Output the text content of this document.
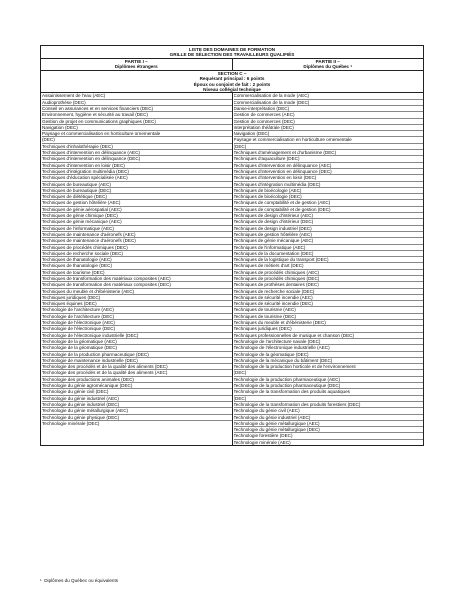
LISTE DES DOMAINES DE FORMATION
GRILLE DE SÉLECTION DES TRAVAILLEURS QUALIFIÉS
PARTIE I –
Diplômes étrangers
PARTIE II –
Diplômes du Québec $^1$
SECTION C –
Requérant principal : 6 points
Époux ou conjoint de fait : 2 points
Niveau collégial technique
Assainissement de l'eau (AEC)
Audioprothèse (DEC)
Conseil en assurances et en services financiers (DEC)
Environnement, hygiène et sécurité au travail (DEC)
Gestion de projet en communications graphiques (DEC)
Navigation (DEC)
Paysage et commercialisation en horticulture ornementale
(DEC)
Techniques d'inhalothérapie (DEC)
Techniques d'intervention en délinquance (AEC)
Techniques d'intervention en délinquance (DEC)
Techniques d'intervention en loisir (DEC)
Techniques d'intégration multimédia (DEC)
Techniques d'éducation spécialisée (AEC)
Techniques de bureautique (AEC)
Techniques de bureautique (DEC)
Techniques de diététique (DEC)
Techniques de gestion hôtelière (AEC)
Techniques de génie aérospatial (AEC)
Techniques de génie chimique (DEC)
Techniques de génie mécanique (AEC)
Techniques de l'informatique (AEC)
Techniques de maintenance d'aéronefs (AEC)
Techniques de maintenance d'aéronefs (DEC)
Techniques de procédés chimiques (DEC)
Techniques de recherche sociale (DEC)
Techniques de thanatologie (AEC)
Techniques de thanatologie (DEC)
Techniques de tourisme (DEC)
Techniques de transformation des matériaux composites (AEC)
Techniques de transformation des matériaux composites (DEC)
Techniques du meuble et d'ébénisterie (AEC)
Techniques juridiques (DEC)
Techniques équines (DEC)
Technologie de l'architecture (AEC)
Technologie de l'architecture (DEC)
Technologie de l'électronique (AEC)
Technologie de l'électronique (DEC)
Technologie de l'électronique industrielle (DEC)
Technologie de la géomatique (AEC)
Technologie de la géomatique (DEC)
Technologie de la production pharmaceutique (DEC)
Technologie de maintenance industrielle (DEC)
Technologie des procédés et de la qualité des aliments (DEC)
Technologie des procédés et de la qualité des aliments (AEC)
Technologie des productions animales (DEC)
Technologie du génie agromécanique (DEC)
Technologie du génie civil (DEC)
Technologie du génie industriel (AEC)
Technologie du génie industriel (DEC)
Technologie du génie métallurgique (AEC)
Technologie du génie physique (DEC)
Technologie minérale (DEC)
Commercialisation de la mode (AEC)
Commercialisation de la mode (DEC)
Danse-interprétation (DEC)
Gestion de commerces (AEC)
Gestion de commerces (DEC)
Interprétation théâtrale (DEC)
Navigation (DEC)
Paysage et commercialisation en horticulture ornementale
(DEC)
Techniques d'aménagement et d'urbanisme (DEC)
Techniques d'aquaculture (DEC)
Techniques d'intervention en délinquance (AEC)
Techniques d'intervention en délinquance (DEC)
Techniques d'intervention en loisir (DEC)
Techniques d'intégration multimédia (DEC)
Techniques de bioécologie (AEC)
Techniques de bioécologie (DEC)
Techniques de comptabilité et de gestion (AEC)
Techniques de comptabilité et de gestion (DEC)
Techniques de design d'intérieur (AEC)
Techniques de design d'intérieur (DEC)
Techniques de design industriel (DEC)
Techniques de gestion hôtelière (AEC)
Techniques de génie mécanique (AEC)
Techniques de l'informatique (AEC)
Techniques de la documentation (DEC)
Techniques de la logistique du transport (DEC)
Techniques de métiers d'art (DEC)
Techniques de procédés chimiques (AEC)
Techniques de procédés chimiques (DEC)
Techniques de prothèses dentaires (DEC)
Techniques de recherche sociale (DEC)
Techniques de sécurité incendie (AEC)
Techniques de sécurité incendie (DEC)
Techniques de tourisme (AEC)
Techniques de tourisme (DEC)
Techniques du meuble et d'ébénisterie (DEC)
Techniques juridiques (DEC)
Techniques professionnelles de musique et chanson (DEC)
Technologie de l'architecture navale (DEC)
Technologie de l'électronique industrielle (AEC)
Technologie de la géomatique (DEC)
Technologie de la mécanique du bâtiment (DEC)
Technologie de la production horticole et de l'environnement
(DEC)
Technologie de la production pharmaceutique (AEC)
Technologie de la production pharmaceutique (DEC)
Technologie de la transformation des produits aquatiques
(DEC)
Technologie de la transformation des produits forestiers (DEC)
Technologie du génie civil (AEC)
Technologie du génie industriel (AEC)
Technologie du génie métallurgique (AEC)
Technologie du génie métallurgique (DEC)
Technologie forestière (DEC)
Technologie minérale (AEC)
$^1$ Diplômes du Québec ou équivalents
